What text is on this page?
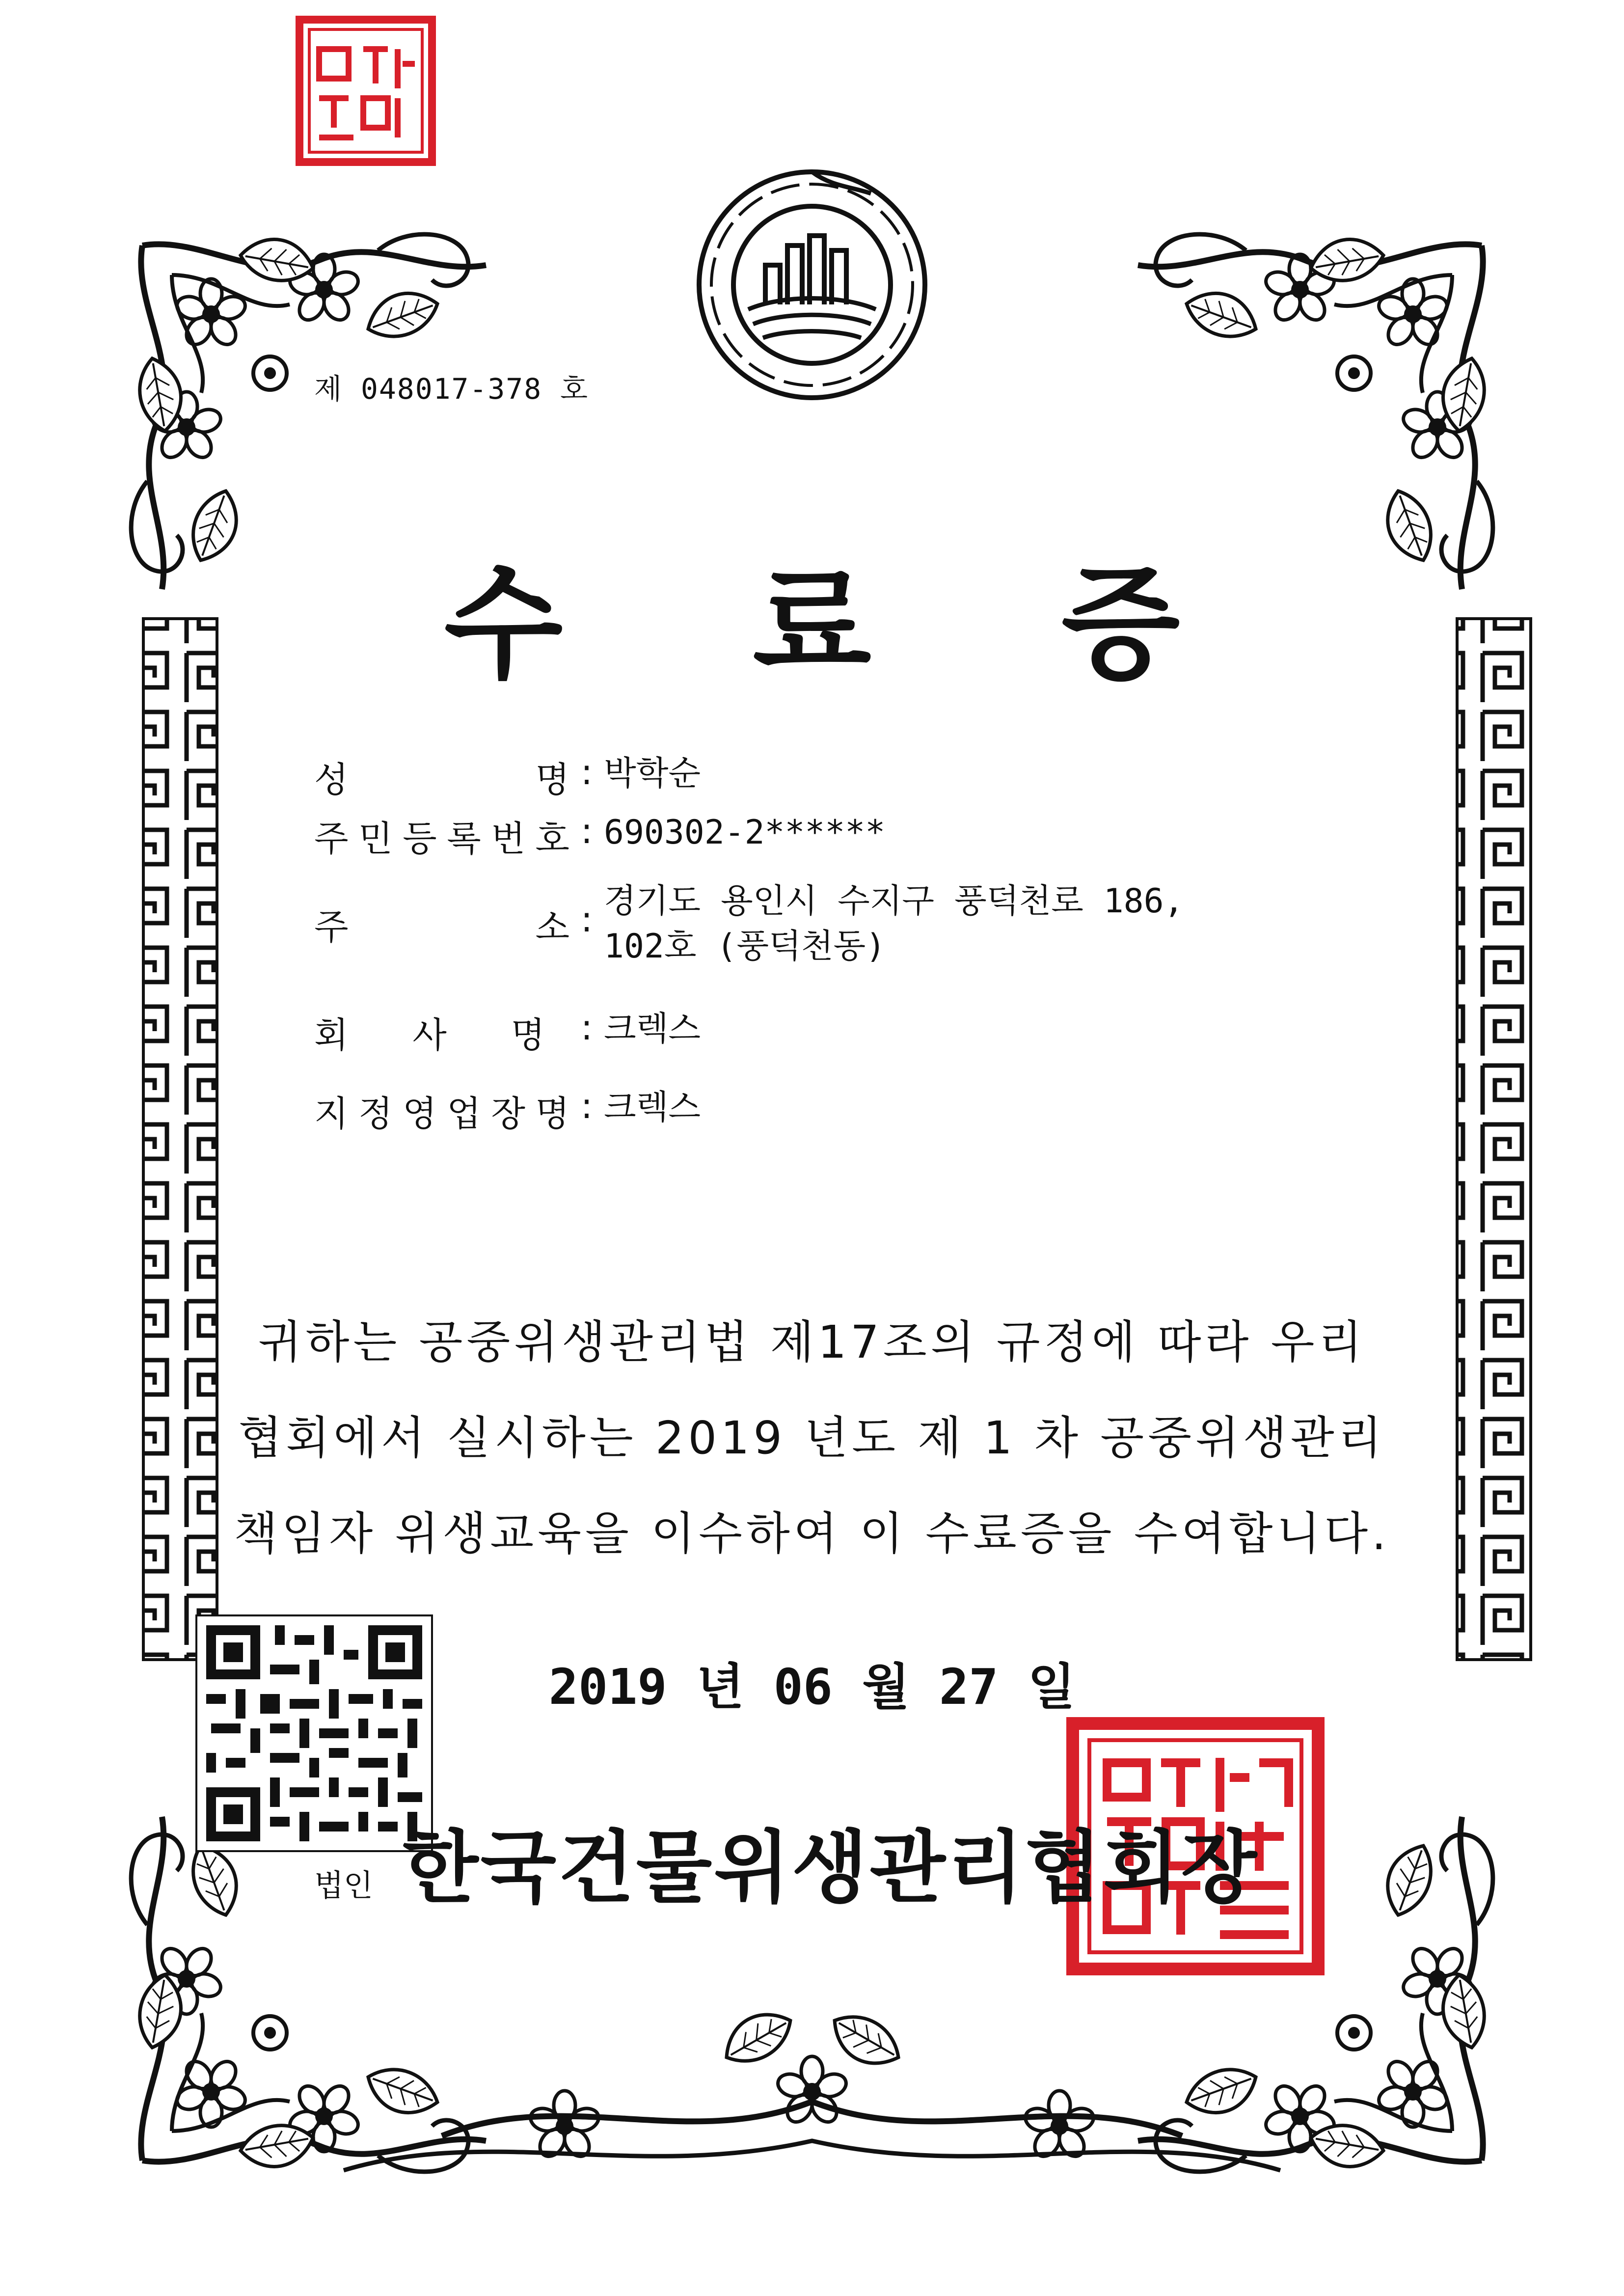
제 048017-378 호
수 료 증
성	명 : 박학순
주 민 등 록 번 호 : 690302-2******
주	소 : 경기도 용인시 수지구 풍덕천로 186,
102호 (풍덕천동)
회 사 명	: 크렉스
지 정 영 업 장 명 : 크렉스
귀하는 공중위생관리법 제17조의 규정에 따라 우리
협회에서 실시하는 2019 년도 제 1 차 공중위생관리
책임자 위생교육을 이수하여 이 수료증을 수여합니다.
2019 년 06 월 27 일
법인 한국건물위생관리협회장
